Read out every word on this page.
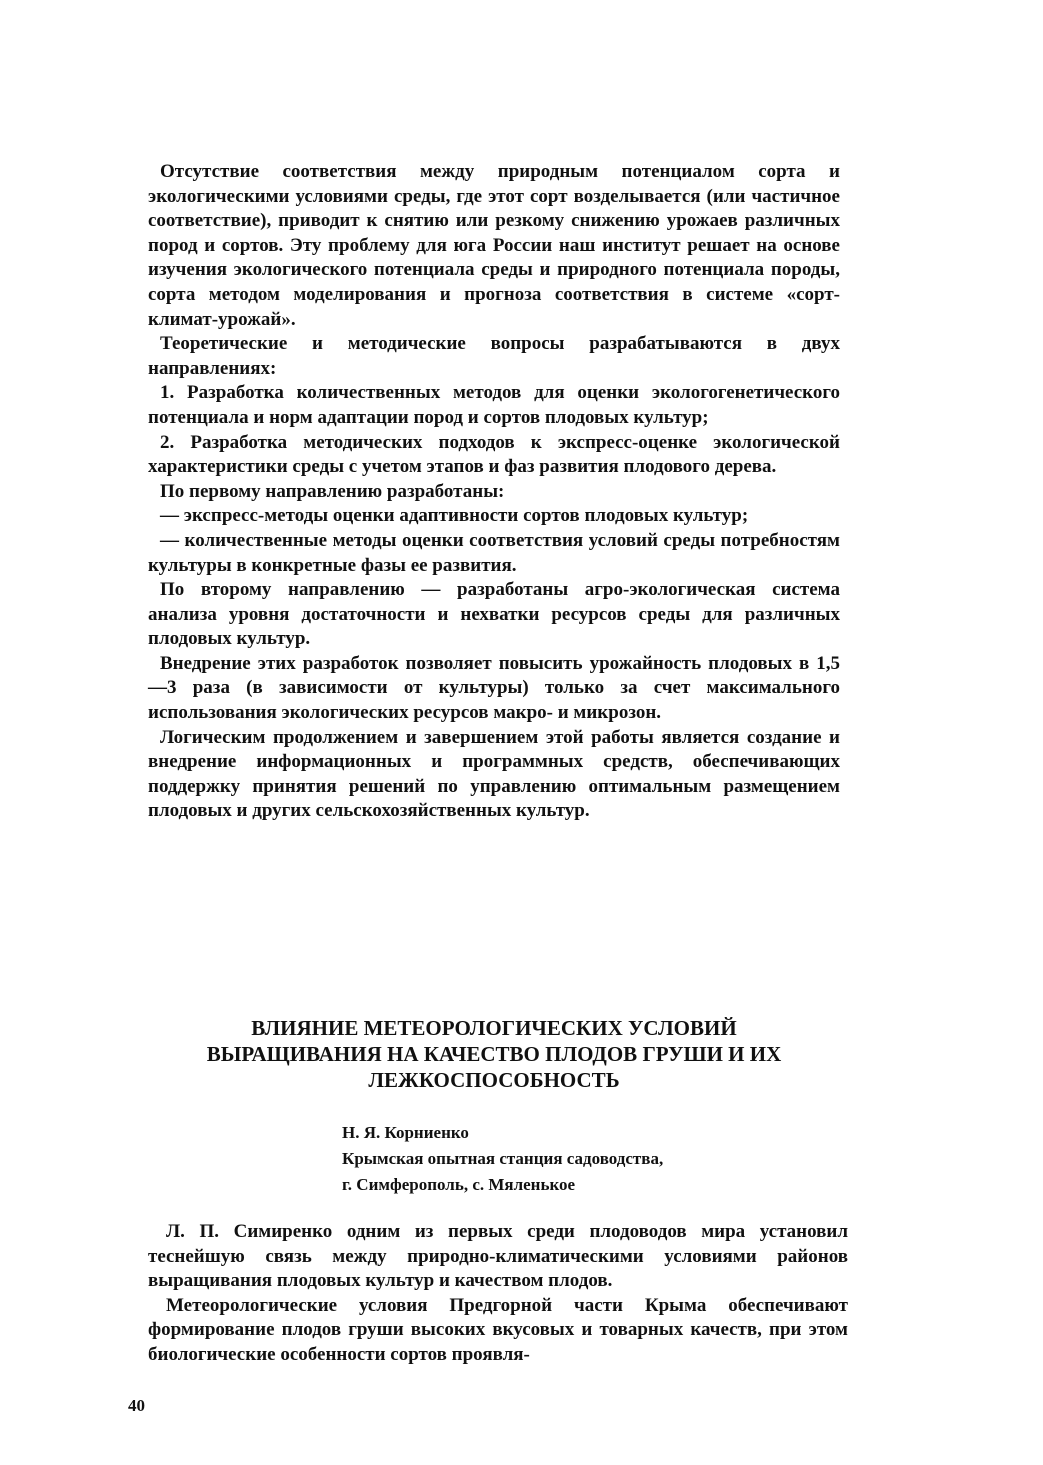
Отсутствие соответствия между природным потенциалом сорта и экологическими условиями среды, где этот сорт возделывается (или частичное соответствие), приводит к снятию или резкому снижению урожаев различных пород и сортов. Эту проблему для юга России наш институт решает на основе изучения экологического потенциала среды и природного потенциала породы, сорта методом моделирования и прогноза соответствия в системе «сорт-климат-урожай».

Теоретические и методические вопросы разрабатываются в двух направлениях:

1. Разработка количественных методов для оценки экологогенетического потенциала и норм адаптации пород и сортов плодовых культур;

2. Разработка методических подходов к экспресс-оценке экологической характеристики среды с учетом этапов и фаз развития плодового дерева.

По первому направлению разработаны:

— экспресс-методы оценки адаптивности сортов плодовых культур;

— количественные методы оценки соответствия условий среды потребностям культуры в конкретные фазы ее развития.

По второму направлению — разработаны агро-экологическая система анализа уровня достаточности и нехватки ресурсов среды для различных плодовых культур.

Внедрение этих разработок позволяет повысить урожайность плодовых в 1,5—3 раза (в зависимости от культуры) только за счет максимального использования экологических ресурсов макро- и микрозон.

Логическим продолжением и завершением этой работы является создание и внедрение информационных и программных средств, обеспечивающих поддержку принятия решений по управлению оптимальным размещением плодовых и других сельскохозяйственных культур.

ВЛИЯНИЕ МЕТЕОРОЛОГИЧЕСКИХ УСЛОВИЙ
ВЫРАЩИВАНИЯ НА КАЧЕСТВО ПЛОДОВ ГРУШИ И ИХ
ЛЕЖКОСПОСОБНОСТЬ
Н. Я. Корниенко
Крымская опытная станция садоводства,
г. Симферополь, с. Мяленькое

Л. П. Симиренко одним из первых среди плодоводов мира установил теснейшую связь между природно-климатическими условиями районов выращивания плодовых культур и качеством плодов.

Метеорологические условия Предгорной части Крыма обеспечивают формирование плодов груши высоких вкусовых и товарных качеств, при этом биологические особенности сортов проявля-

40
